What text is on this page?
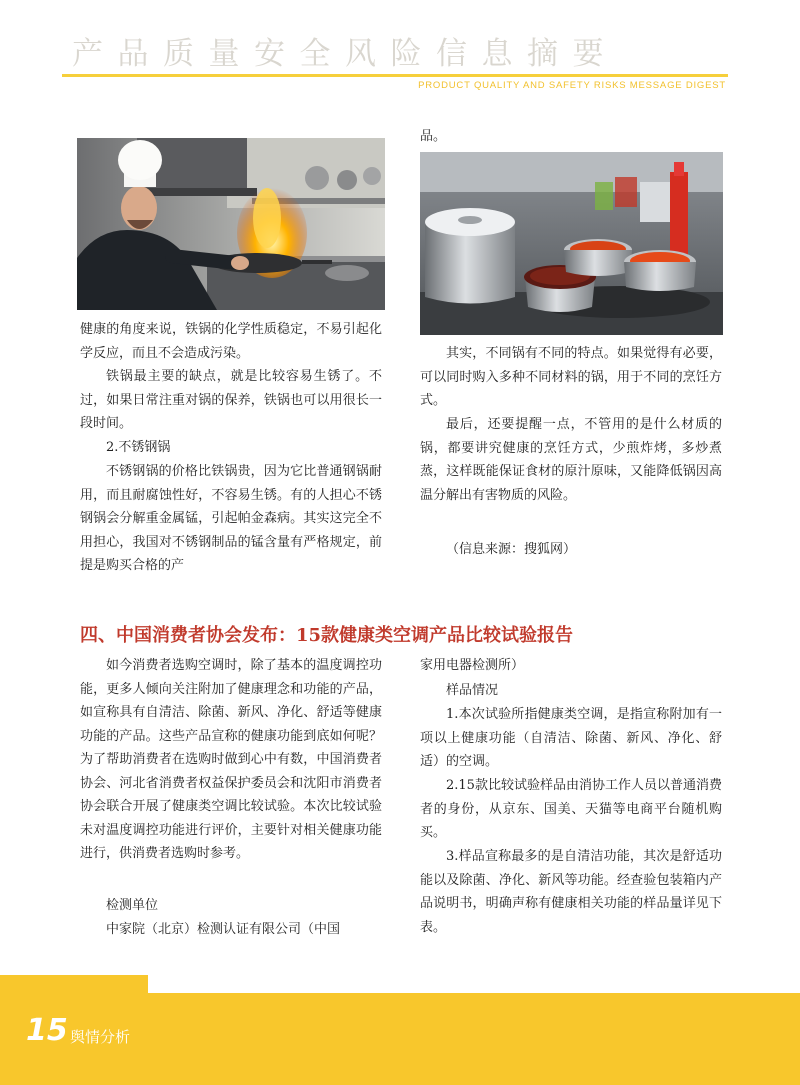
产品质量安全风险信息摘要
PRODUCT QUALITY AND SAFETY RISKS MESSAGE DIGEST

健康的角度来说，铁锅的化学性质稳定，不易引起化学反应，而且不会造成污染。

铁锅最主要的缺点，就是比较容易生锈了。不过，如果日常注重对锅的保养，铁锅也可以用很长一段时间。

2.不锈钢锅

不锈钢锅的价格比铁锅贵，因为它比普通钢锅耐用，而且耐腐蚀性好，不容易生锈。有的人担心不锈钢锅会分解重金属锰，引起帕金森病。其实这完全不用担心，我国对不锈钢制品的锰含量有严格规定，前提是购买合格的产

品。

其实，不同锅有不同的特点。如果觉得有必要，可以同时购入多种不同材料的锅，用于不同的烹饪方式。

最后，还要提醒一点，不管用的是什么材质的锅，都要讲究健康的烹饪方式，少煎炸烤，多炒煮蒸，这样既能保证食材的原汁原味，又能降低锅因高温分解出有害物质的风险。

（信息来源：搜狐网）

四、中国消费者协会发布：15款健康类空调产品比较试验报告

如今消费者选购空调时，除了基本的温度调控功能，更多人倾向关注附加了健康理念和功能的产品，如宣称具有自清洁、除菌、新风、净化、舒适等健康功能的产品。这些产品宣称的健康功能到底如何呢？为了帮助消费者在选购时做到心中有数，中国消费者协会、河北省消费者权益保护委员会和沈阳市消费者协会联合开展了健康类空调比较试验。本次比较试验未对温度调控功能进行评价，主要针对相关健康功能进行，供消费者选购时参考。

检测单位

中家院（北京）检测认证有限公司（中国

家用电器检测所）

样品情况

1.本次试验所指健康类空调，是指宣称附加有一项以上健康功能（自清洁、除菌、新风、净化、舒适）的空调。

2.15款比较试验样品由消协工作人员以普通消费者的身份，从京东、国美、天猫等电商平台随机购买。

3.样品宣称最多的是自清洁功能，其次是舒适功能以及除菌、净化、新风等功能。经查验包装箱内产品说明书，明确声称有健康相关功能的样品量详见下表。

15 舆情分析
